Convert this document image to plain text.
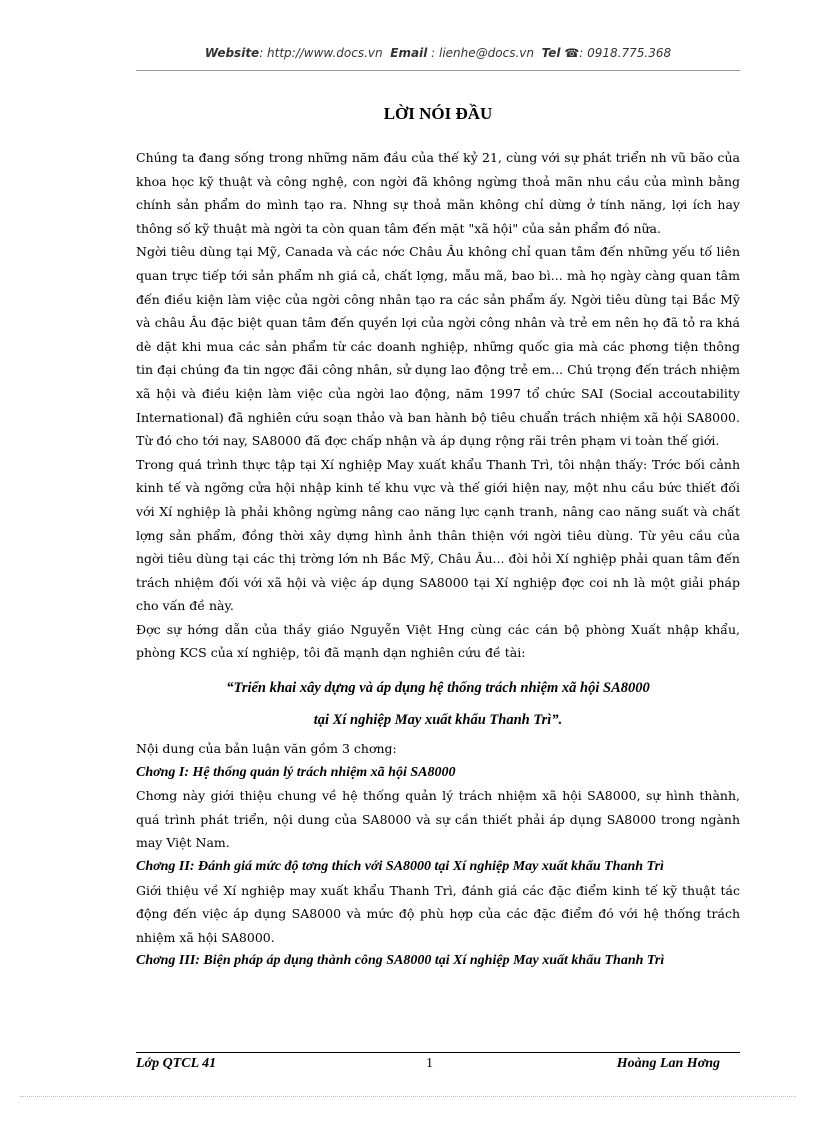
Website: http://www.docs.vn Email : lienhe@docs.vn Tel ☎: 0918.775.368
LỜI NÓI ĐẦU

Chúng ta đang sống trong những năm đầu của thế kỷ 21, cùng với sự phát triển nh vũ bão của khoa học kỹ thuật và công nghệ, con ngời đã không ngừng thoả mãn nhu cầu của mình bằng chính sản phẩm do mình tạo ra. Nhng sự thoả mãn không chỉ dừng ở tính năng, lợi ích hay thông số kỹ thuật mà ngời ta còn quan tâm đến mặt "xã hội" của sản phẩm đó nữa.

Ngời tiêu dùng tại Mỹ, Canada và các nớc Châu Âu không chỉ quan tâm đến những yếu tố liên quan trực tiếp tới sản phẩm nh giá cả, chất lợng, mẫu mã, bao bì... mà họ ngày càng quan tâm đến điều kiện làm việc của ngời công nhân tạo ra các sản phẩm ấy. Ngời tiêu dùng tại Bắc Mỹ và châu Âu đặc biệt quan tâm đến quyền lợi của ngời công nhân và trẻ em nên họ đã tỏ ra khá dè dặt khi mua các sản phẩm từ các doanh nghiệp, những quốc gia mà các phơng tiện thông tin đại chúng đa tin ngợc đãi công nhân, sử dụng lao động trẻ em... Chú trọng đến trách nhiệm xã hội và điều kiện làm việc của ngời lao động, năm 1997 tổ chức SAI (Social accoutability International) đã nghiên cứu soạn thảo và ban hành bộ tiêu chuẩn trách nhiệm xã hội SA8000. Từ đó cho tới nay, SA8000 đã đợc chấp nhận và áp dụng rộng rãi trên phạm vi toàn thế giới.

Trong quá trình thực tập tại Xí nghiệp May xuất khẩu Thanh Trì, tôi nhận thấy: Trớc bối cảnh kinh tế và ngỡng cửa hội nhập kinh tế khu vực và thế giới hiện nay, một nhu cầu bức thiết đối với Xí nghiệp là phải không ngừng nâng cao năng lực cạnh tranh, nâng cao năng suất và chất lợng sản phẩm, đồng thời xây dựng hình ảnh thân thiện với ngời tiêu dùng. Từ yêu cầu của ngời tiêu dùng tại các thị trờng lớn nh Bắc Mỹ, Châu Âu... đòi hỏi Xí nghiệp phải quan tâm đến trách nhiệm đối với xã hội và việc áp dụng SA8000 tại Xí nghiệp đợc coi nh là một giải pháp cho vấn đề này.

Đợc sự hớng dẫn của thầy giáo Nguyễn Việt Hng cùng các cán bộ phòng Xuất nhập khẩu, phòng KCS của xí nghiệp, tôi đã mạnh dạn nghiên cứu đề tài:

“Triển khai xây dựng và áp dụng hệ thống trách nhiệm xã hội SA8000

tại Xí nghiệp May xuất khẩu Thanh Trì”.

Nội dung của bản luận văn gồm 3 chơng:

Chơng I: Hệ thống quản lý trách nhiệm xã hội SA8000

Chơng này giới thiệu chung về hệ thống quản lý trách nhiệm xã hội SA8000, sự hình thành, quá trình phát triển, nội dung của SA8000 và sự cần thiết phải áp dụng SA8000 trong ngành may Việt Nam.

Chơng II: Đánh giá mức độ tơng thích với SA8000 tại Xí nghiệp May xuất khẩu Thanh Trì

Giới thiệu về Xí nghiệp may xuất khẩu Thanh Trì, đánh giá các đặc điểm kinh tế kỹ thuật tác động đến việc áp dụng SA8000 và mức độ phù hợp của các đặc điểm đó với hệ thống trách nhiệm xã hội SA8000.

Chơng III: Biện pháp áp dụng thành công SA8000 tại Xí nghiệp May xuất khẩu Thanh Trì

Lớp QTCL 41	1	Hoàng Lan Hơng
